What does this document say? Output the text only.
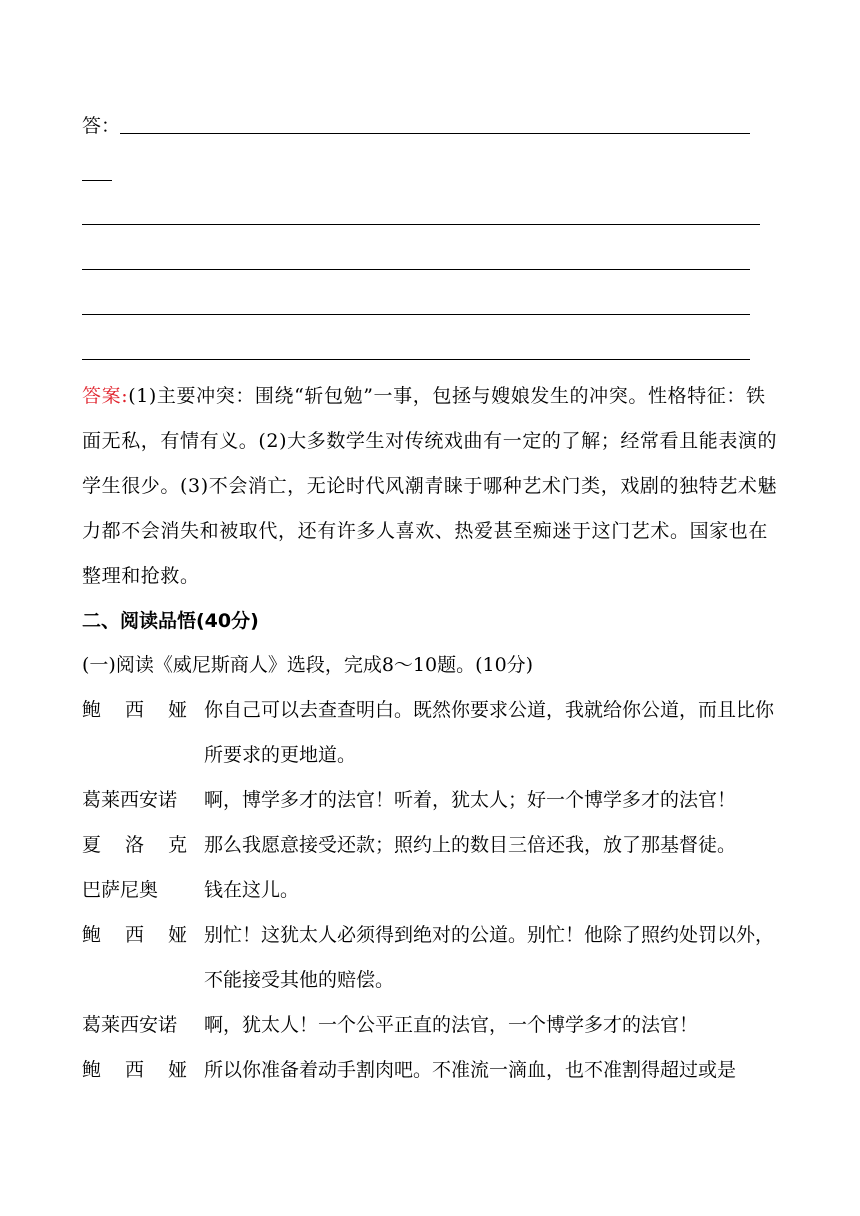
答：
答案:(1)主要冲突：围绕“斩包勉”一事，包拯与嫂娘发生的冲突。性格特征：铁面无私，有情有义。(2)大多数学生对传统戏曲有一定的了解；经常看且能表演的学生很少。(3)不会消亡，无论时代风潮青睐于哪种艺术门类，戏剧的独特艺术魅力都不会消失和被取代，还有许多人喜欢、热爱甚至痴迷于这门艺术。国家也在整理和抢救。
二、阅读品悟(40分)
(一)阅读《威尼斯商人》选段，完成8～10题。(10分)
鲍 西 娅 你自己可以去查查明白。既然你要求公道，我就给你公道，而且比你所要求的更地道。
葛莱西安诺 啊，博学多才的法官！听着，犹太人；好一个博学多才的法官！
夏 洛 克 那么我愿意接受还款；照约上的数目三倍还我，放了那基督徒。
巴萨尼奥 钱在这儿。
鲍 西 娅 别忙！这犹太人必须得到绝对的公道。别忙！他除了照约处罚以外，不能接受其他的赔偿。
葛莱西安诺 啊，犹太人！一个公平正直的法官，一个博学多才的法官！
鲍 西 娅 所以你准备着动手割肉吧。不准流一滴血，也不准割得超过或是
